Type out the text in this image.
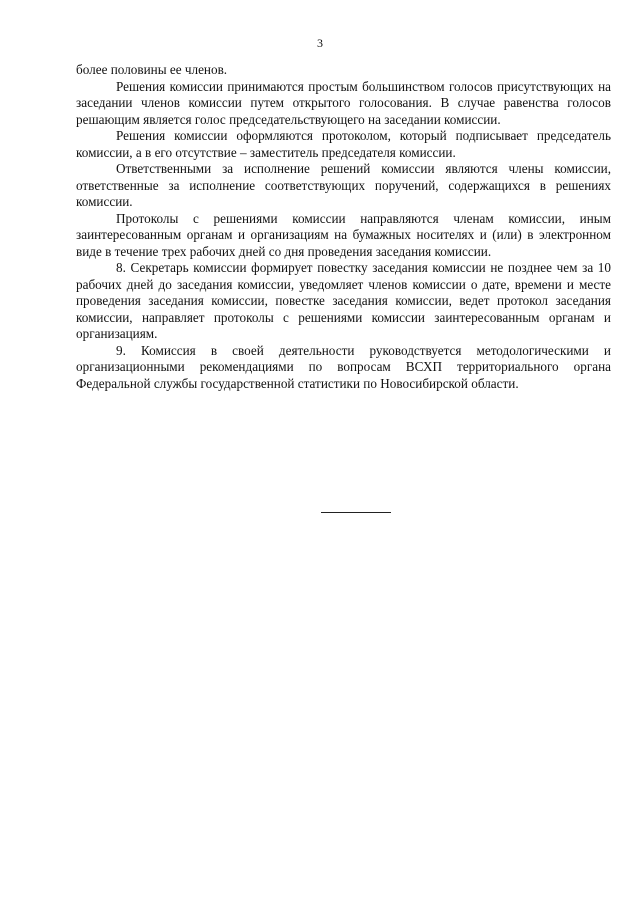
3

более половины ее членов.

Решения комиссии принимаются простым большинством голосов присутствующих на заседании членов комиссии путем открытого голосования. В случае равенства голосов решающим является голос председательствующего на заседании комиссии.

Решения комиссии оформляются протоколом, который подписывает председатель комиссии, а в его отсутствие – заместитель председателя комиссии.

Ответственными за исполнение решений комиссии являются члены комиссии, ответственные за исполнение соответствующих поручений, содержащихся в решениях комиссии.

Протоколы с решениями комиссии направляются членам комиссии, иным заинтересованным органам и организациям на бумажных носителях и (или) в электронном виде в течение трех рабочих дней со дня проведения заседания комиссии.

8. Секретарь комиссии формирует повестку заседания комиссии не позднее чем за 10 рабочих дней до заседания комиссии, уведомляет членов комиссии о дате, времени и месте проведения заседания комиссии, повестке заседания комиссии, ведет протокол заседания комиссии, направляет протоколы с решениями комиссии заинтересованным органам и организациям.

9. Комиссия в своей деятельности руководствуется методологическими и организационными рекомендациями по вопросам ВСХП территориального органа Федеральной службы государственной статистики по Новосибирской области.
